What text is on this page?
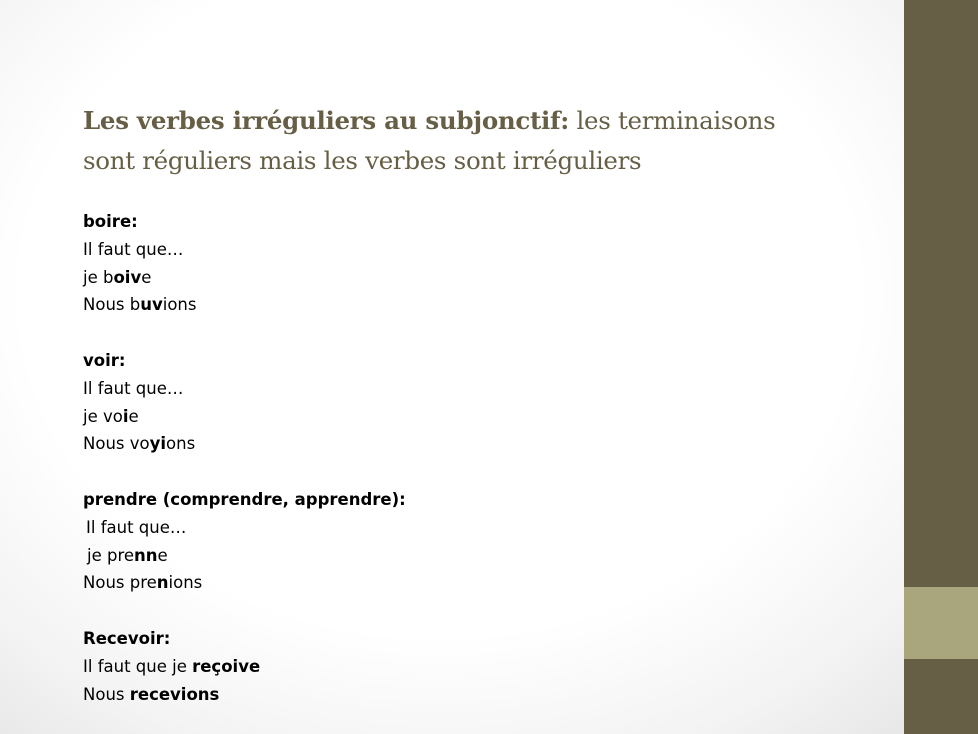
Les verbes irréguliers au subjonctif: les terminaisons
sont réguliers mais les verbes sont irréguliers
boire:
Il faut que…
je boive
Nous buvions
voir:
Il faut que…
je voie
Nous voyions
prendre (comprendre, apprendre):
Il faut que…
je prenne
Nous prenions
Recevoir:
Il faut que je reçoive
Nous recevions
